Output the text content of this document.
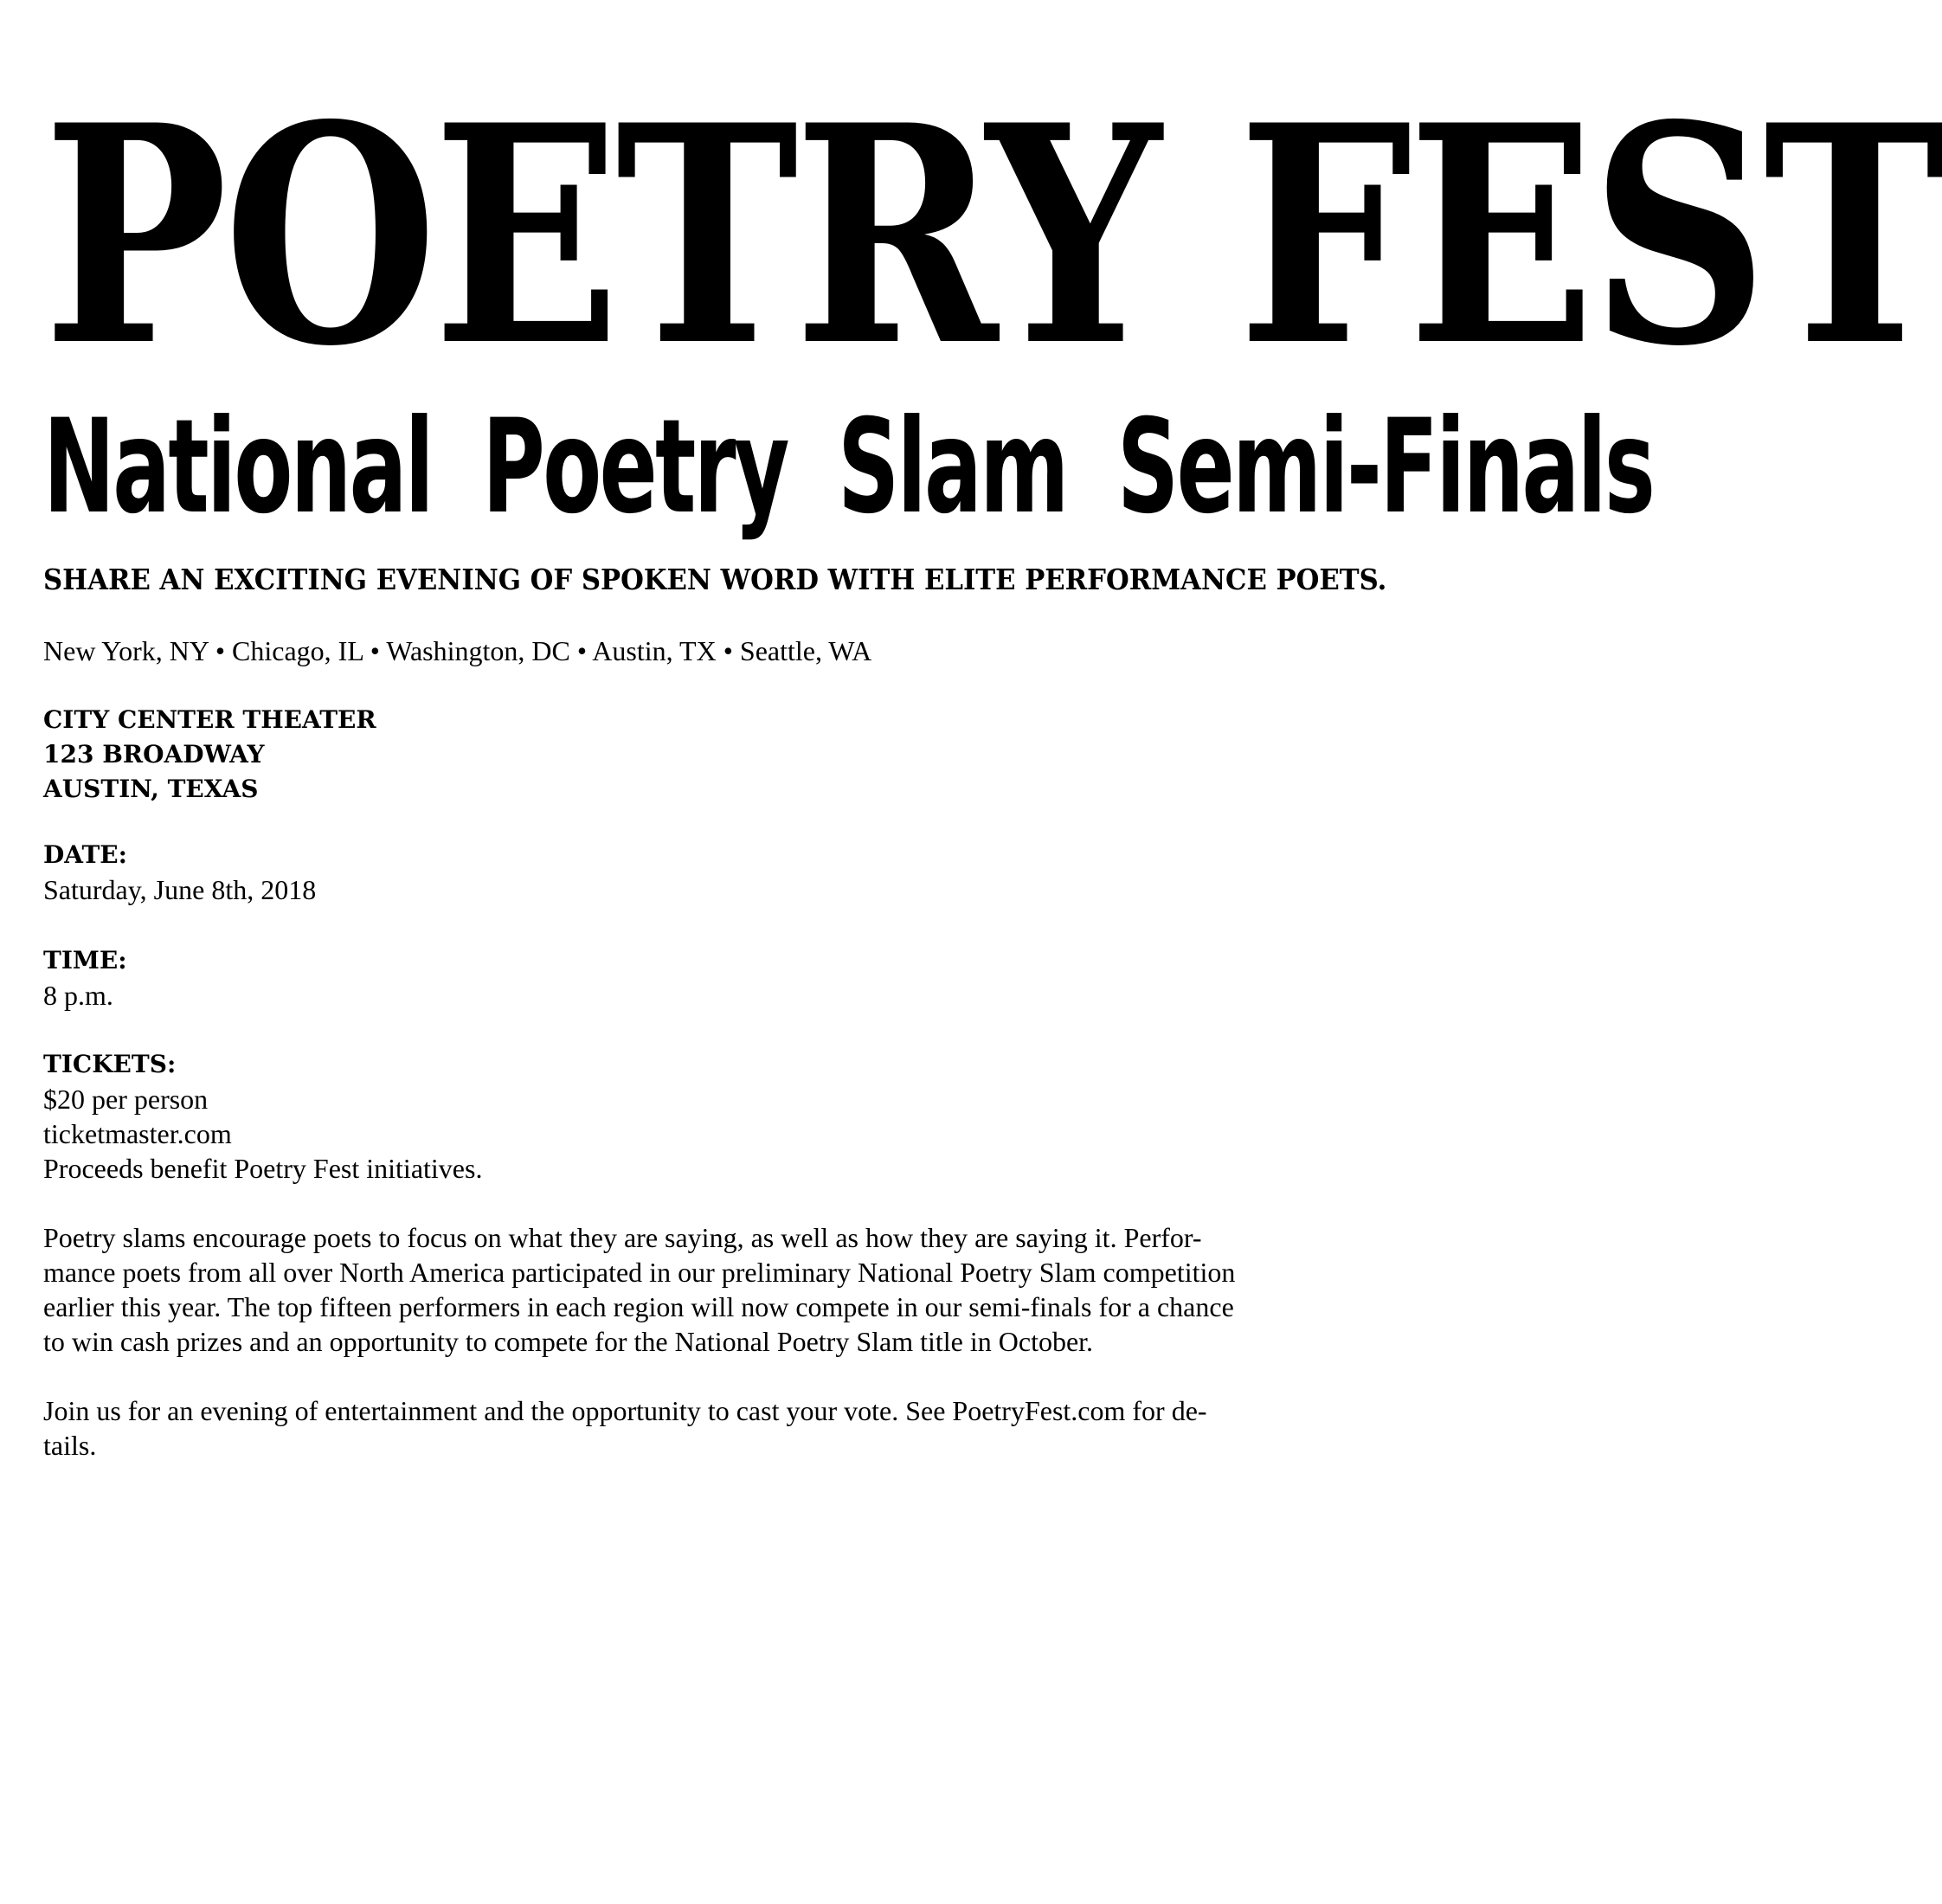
POETRY FEST
National Poetry Slam Semi-Finals
SHARE AN EXCITING EVENING OF SPOKEN WORD WITH ELITE PERFORMANCE POETS.
New York, NY • Chicago, IL • Washington, DC • Austin, TX • Seattle, WA
CITY CENTER THEATER
123 BROADWAY
AUSTIN, TEXAS
DATE:
Saturday, June 8th, 2018
TIME:
8 p.m.
TICKETS:
$20 per person
ticketmaster.com
Proceeds benefit Poetry Fest initiatives.
Poetry slams encourage poets to focus on what they are saying, as well as how they are saying it. Perfor-
mance poets from all over North America participated in our preliminary National Poetry Slam competition
earlier this year. The top fifteen performers in each region will now compete in our semi-finals for a chance
to win cash prizes and an opportunity to compete for the National Poetry Slam title in October.
Join us for an evening of entertainment and the opportunity to cast your vote. See PoetryFest.com for de-
tails.
